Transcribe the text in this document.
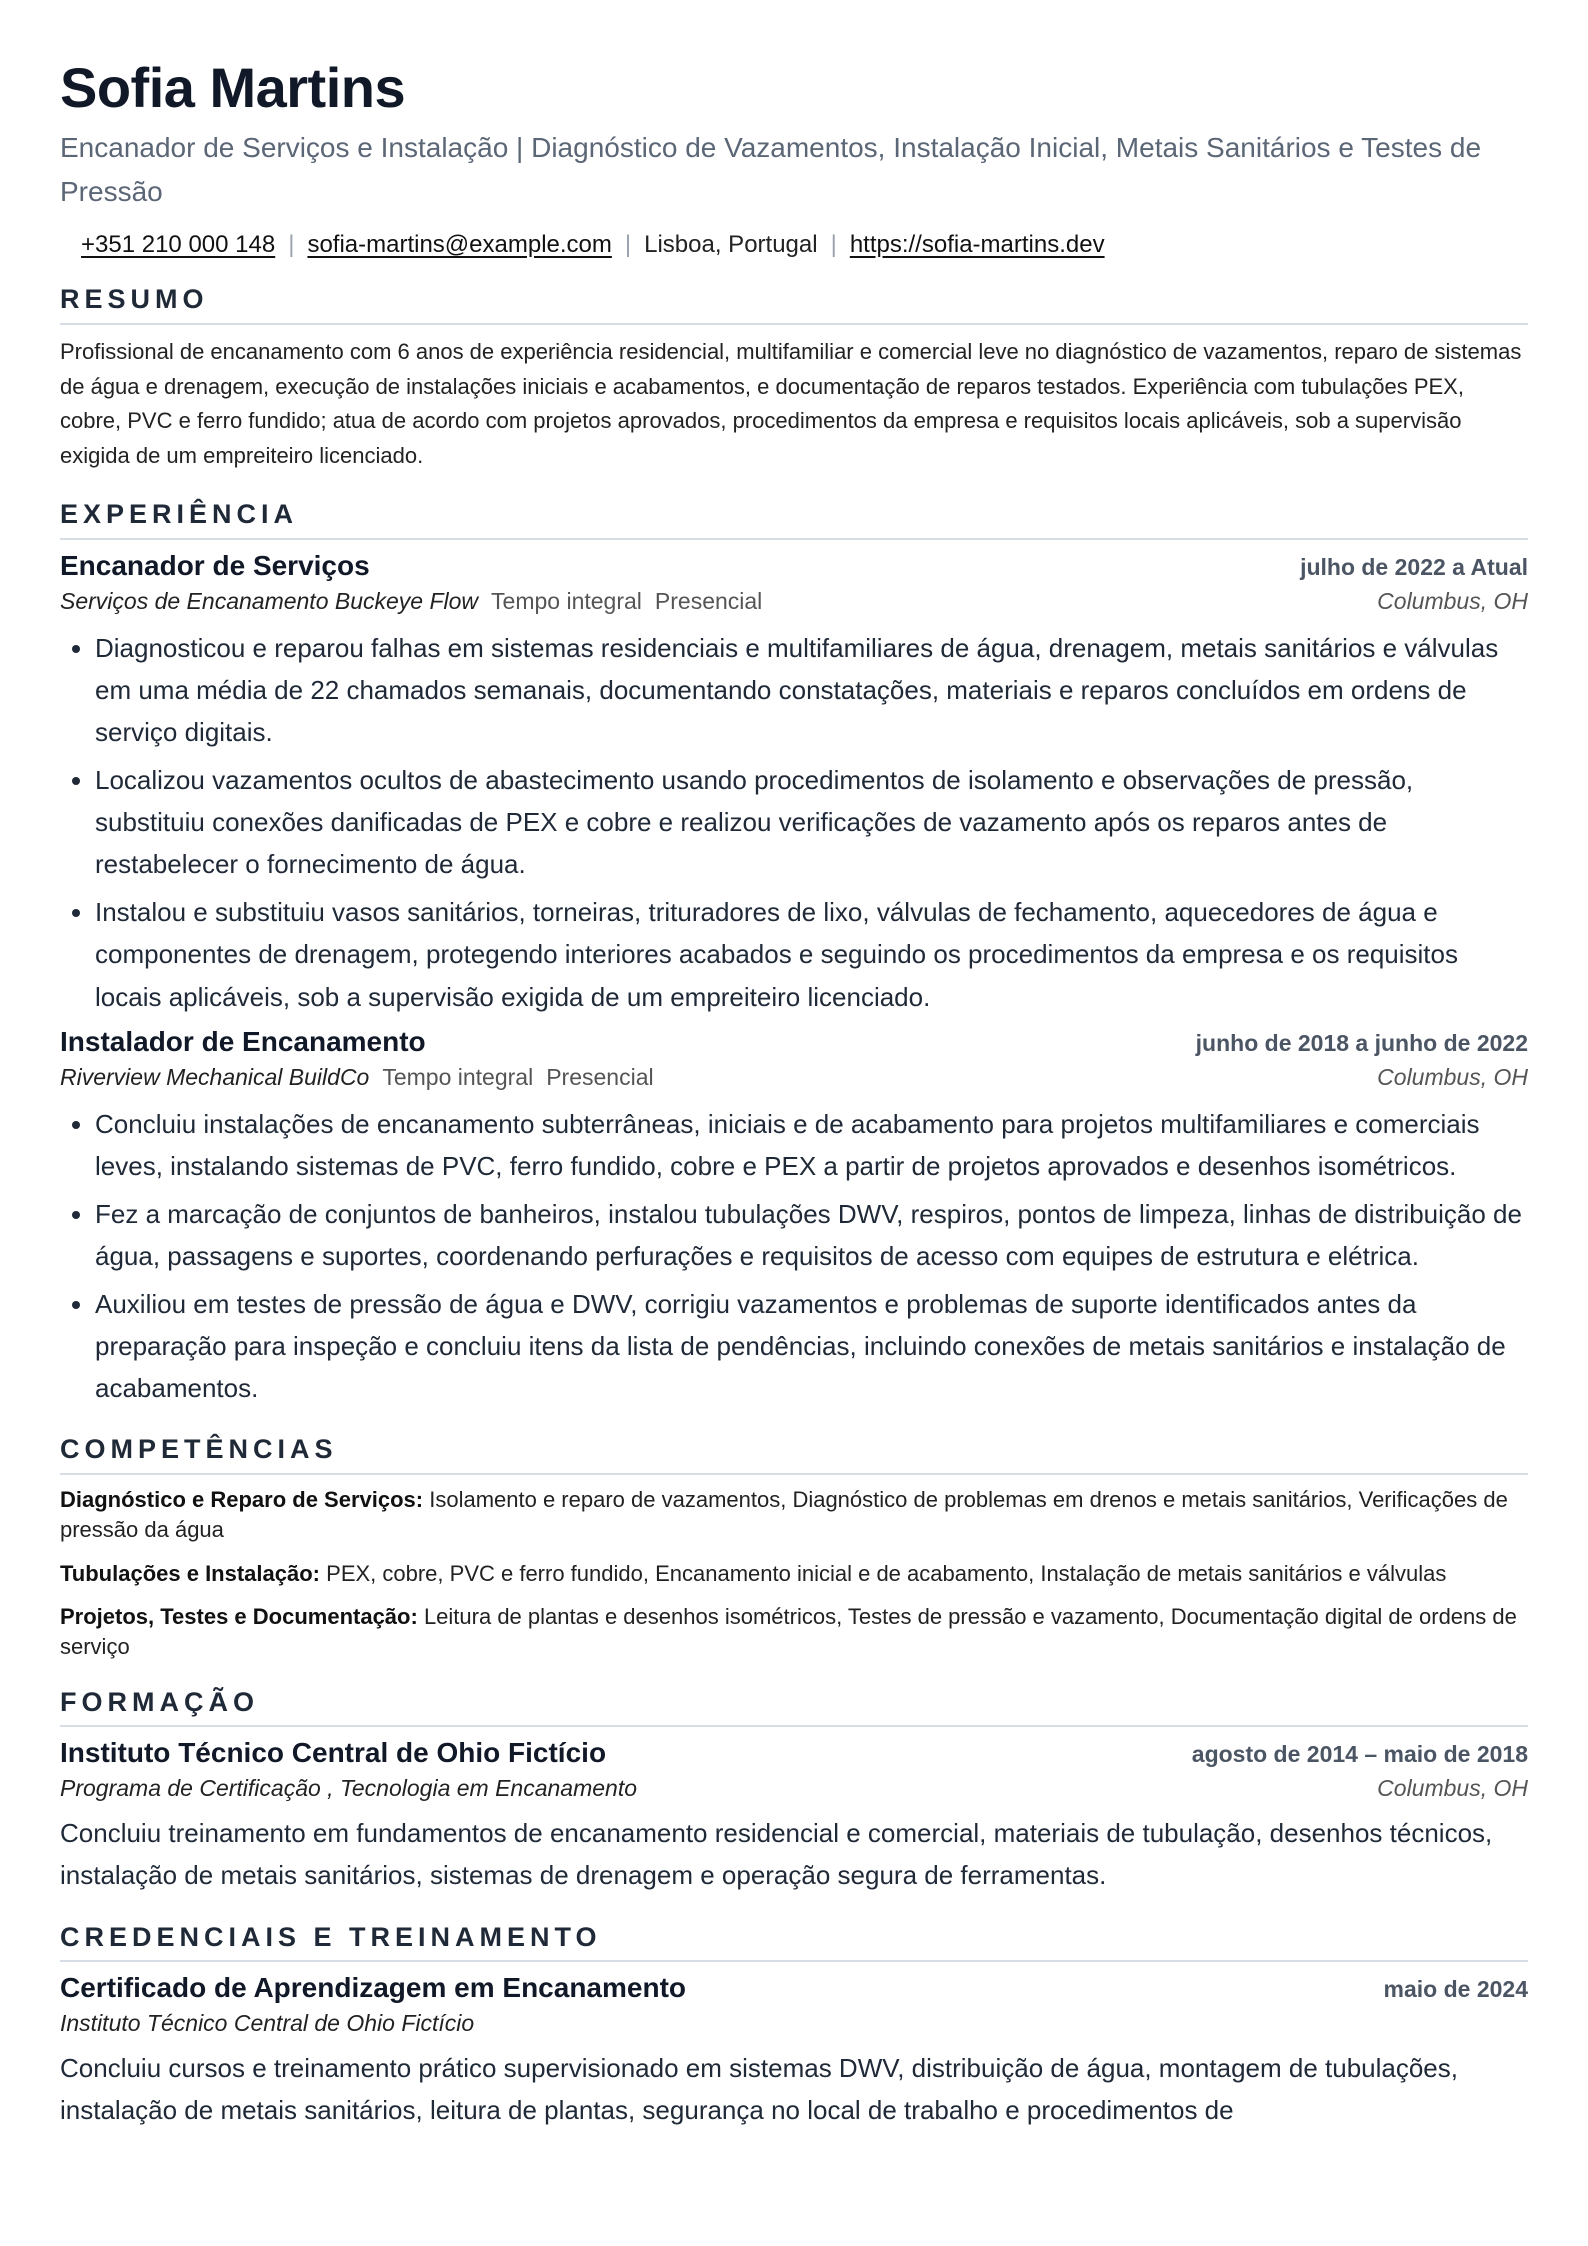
Sofia Martins
Encanador de Serviços e Instalação | Diagnóstico de Vazamentos, Instalação Inicial, Metais Sanitários e Testes de Pressão
+351 210 000 148 | sofia-martins@example.com | Lisboa, Portugal | https://sofia-martins.dev
RESUMO
Profissional de encanamento com 6 anos de experiência residencial, multifamiliar e comercial leve no diagnóstico de vazamentos, reparo de sistemas de água e drenagem, execução de instalações iniciais e acabamentos, e documentação de reparos testados. Experiência com tubulações PEX, cobre, PVC e ferro fundido; atua de acordo com projetos aprovados, procedimentos da empresa e requisitos locais aplicáveis, sob a supervisão exigida de um empreiteiro licenciado.
EXPERIÊNCIA
Encanador de Serviços	julho de 2022 a Atual
Serviços de Encanamento Buckeye Flow Tempo integral Presencial	Columbus, OH
• Diagnosticou e reparou falhas em sistemas residenciais e multifamiliares de água, drenagem, metais sanitários e válvulas em uma média de 22 chamados semanais, documentando constatações, materiais e reparos concluídos em ordens de serviço digitais.
• Localizou vazamentos ocultos de abastecimento usando procedimentos de isolamento e observações de pressão, substituiu conexões danificadas de PEX e cobre e realizou verificações de vazamento após os reparos antes de restabelecer o fornecimento de água.
• Instalou e substituiu vasos sanitários, torneiras, trituradores de lixo, válvulas de fechamento, aquecedores de água e componentes de drenagem, protegendo interiores acabados e seguindo os procedimentos da empresa e os requisitos locais aplicáveis, sob a supervisão exigida de um empreiteiro licenciado.
Instalador de Encanamento	junho de 2018 a junho de 2022
Riverview Mechanical BuildCo Tempo integral Presencial	Columbus, OH
• Concluiu instalações de encanamento subterrâneas, iniciais e de acabamento para projetos multifamiliares e comerciais leves, instalando sistemas de PVC, ferro fundido, cobre e PEX a partir de projetos aprovados e desenhos isométricos.
• Fez a marcação de conjuntos de banheiros, instalou tubulações DWV, respiros, pontos de limpeza, linhas de distribuição de água, passagens e suportes, coordenando perfurações e requisitos de acesso com equipes de estrutura e elétrica.
• Auxiliou em testes de pressão de água e DWV, corrigiu vazamentos e problemas de suporte identificados antes da preparação para inspeção e concluiu itens da lista de pendências, incluindo conexões de metais sanitários e instalação de acabamentos.
COMPETÊNCIAS
Diagnóstico e Reparo de Serviços: Isolamento e reparo de vazamentos, Diagnóstico de problemas em drenos e metais sanitários, Verificações de pressão da água
Tubulações e Instalação: PEX, cobre, PVC e ferro fundido, Encanamento inicial e de acabamento, Instalação de metais sanitários e válvulas
Projetos, Testes e Documentação: Leitura de plantas e desenhos isométricos, Testes de pressão e vazamento, Documentação digital de ordens de serviço
FORMAÇÃO
Instituto Técnico Central de Ohio Fictício	agosto de 2014 – maio de 2018
Programa de Certificação , Tecnologia em Encanamento	Columbus, OH
Concluiu treinamento em fundamentos de encanamento residencial e comercial, materiais de tubulação, desenhos técnicos, instalação de metais sanitários, sistemas de drenagem e operação segura de ferramentas.
CREDENCIAIS E TREINAMENTO
Certificado de Aprendizagem em Encanamento	maio de 2024
Instituto Técnico Central de Ohio Fictício
Concluiu cursos e treinamento prático supervisionado em sistemas DWV, distribuição de água, montagem de tubulações, instalação de metais sanitários, leitura de plantas, segurança no local de trabalho e procedimentos de
